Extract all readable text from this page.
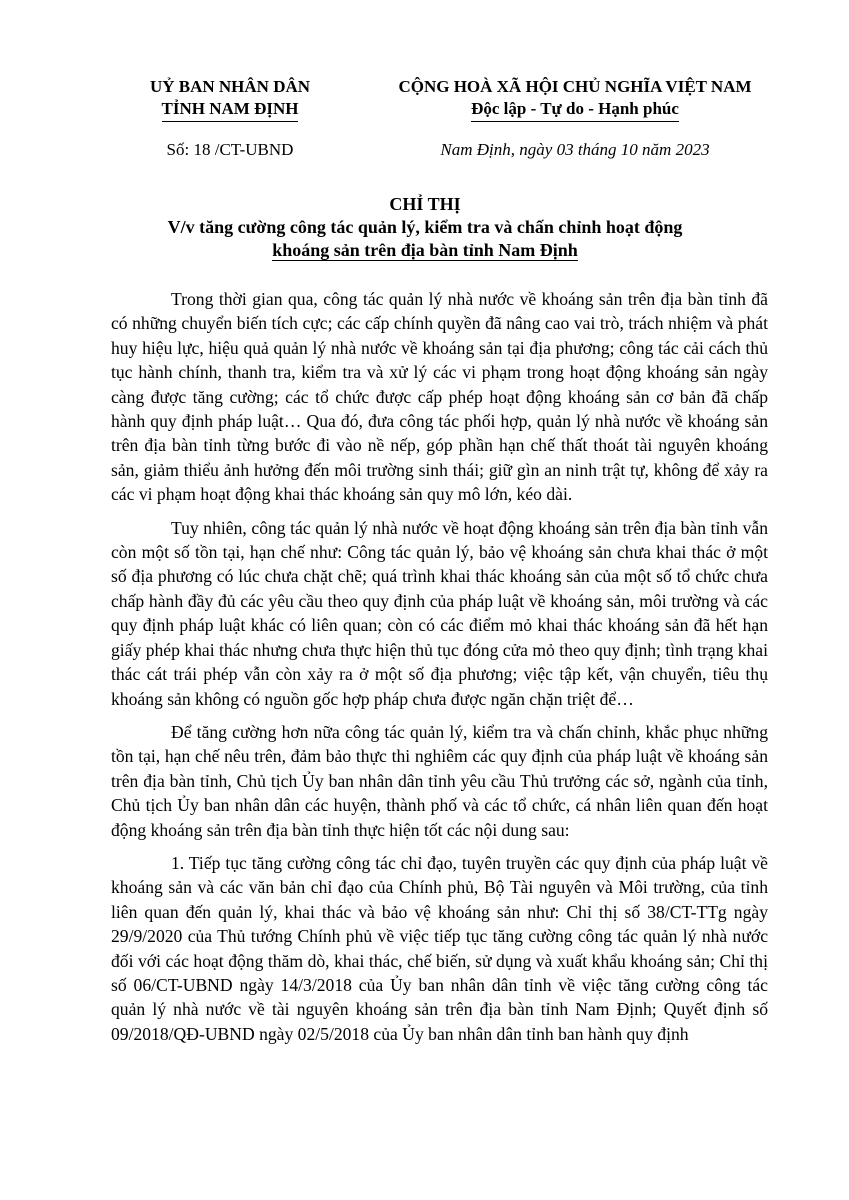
UỶ BAN NHÂN DÂN
TỈNH NAM ĐỊNH
CỘNG HOÀ XÃ HỘI CHỦ NGHĨA VIỆT NAM
Độc lập - Tự do - Hạnh phúc
Số: 18 /CT-UBND	Nam Định, ngày 03 tháng 10 năm 2023
CHỈ THỊ
V/v tăng cường công tác quản lý, kiểm tra và chấn chỉnh hoạt động
khoáng sản trên địa bàn tỉnh Nam Định

Trong thời gian qua, công tác quản lý nhà nước về khoáng sản trên địa bàn tỉnh đã có những chuyển biến tích cực; các cấp chính quyền đã nâng cao vai trò, trách nhiệm và phát huy hiệu lực, hiệu quả quản lý nhà nước về khoáng sản tại địa phương; công tác cải cách thủ tục hành chính, thanh tra, kiểm tra và xử lý các vi phạm trong hoạt động khoáng sản ngày càng được tăng cường; các tổ chức được cấp phép hoạt động khoáng sản cơ bản đã chấp hành quy định pháp luật… Qua đó, đưa công tác phối hợp, quản lý nhà nước về khoáng sản trên địa bàn tỉnh từng bước đi vào nề nếp, góp phần hạn chế thất thoát tài nguyên khoáng sản, giảm thiểu ảnh hưởng đến môi trường sinh thái; giữ gìn an ninh trật tự, không để xảy ra các vi phạm hoạt động khai thác khoáng sản quy mô lớn, kéo dài.

Tuy nhiên, công tác quản lý nhà nước về hoạt động khoáng sản trên địa bàn tỉnh vẫn còn một số tồn tại, hạn chế như: Công tác quản lý, bảo vệ khoáng sản chưa khai thác ở một số địa phương có lúc chưa chặt chẽ; quá trình khai thác khoáng sản của một số tổ chức chưa chấp hành đầy đủ các yêu cầu theo quy định của pháp luật về khoáng sản, môi trường và các quy định pháp luật khác có liên quan; còn có các điểm mỏ khai thác khoáng sản đã hết hạn giấy phép khai thác nhưng chưa thực hiện thủ tục đóng cửa mỏ theo quy định; tình trạng khai thác cát trái phép vẫn còn xảy ra ở một số địa phương; việc tập kết, vận chuyển, tiêu thụ khoáng sản không có nguồn gốc hợp pháp chưa được ngăn chặn triệt để…

Để tăng cường hơn nữa công tác quản lý, kiểm tra và chấn chỉnh, khắc phục những tồn tại, hạn chế nêu trên, đảm bảo thực thi nghiêm các quy định của pháp luật về khoáng sản trên địa bàn tỉnh, Chủ tịch Ủy ban nhân dân tỉnh yêu cầu Thủ trưởng các sở, ngành của tỉnh, Chủ tịch Ủy ban nhân dân các huyện, thành phố và các tổ chức, cá nhân liên quan đến hoạt động khoáng sản trên địa bàn tỉnh thực hiện tốt các nội dung sau:

1. Tiếp tục tăng cường công tác chỉ đạo, tuyên truyền các quy định của pháp luật về khoáng sản và các văn bản chỉ đạo của Chính phủ, Bộ Tài nguyên và Môi trường, của tỉnh liên quan đến quản lý, khai thác và bảo vệ khoáng sản như: Chỉ thị số 38/CT-TTg ngày 29/9/2020 của Thủ tướng Chính phủ về việc tiếp tục tăng cường công tác quản lý nhà nước đối với các hoạt động thăm dò, khai thác, chế biến, sử dụng và xuất khẩu khoáng sản; Chỉ thị số 06/CT-UBND ngày 14/3/2018 của Ủy ban nhân dân tỉnh về việc tăng cường công tác quản lý nhà nước về tài nguyên khoáng sản trên địa bàn tỉnh Nam Định; Quyết định số 09/2018/QĐ-UBND ngày 02/5/2018 của Ủy ban nhân dân tỉnh ban hành quy định
